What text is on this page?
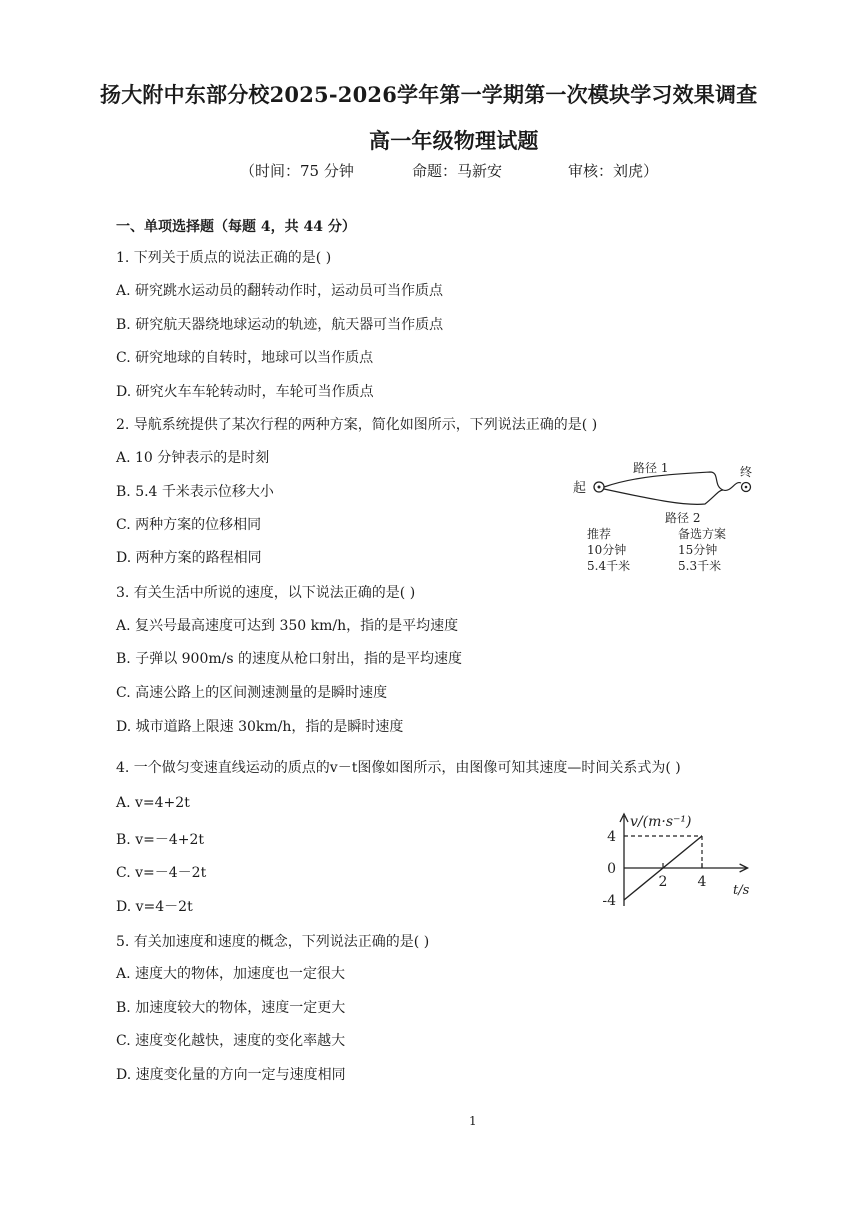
扬大附中东部分校2025-2026学年第一学期第一次模块学习效果调查
高一年级物理试题
（时间：75 分钟	命题：马新安	审核：刘虎）
一、单项选择题（每题 4，共 44 分）
1. 下列关于质点的说法正确的是( )
A. 研究跳水运动员的翻转动作时，运动员可当作质点
B. 研究航天器绕地球运动的轨迹，航天器可当作质点
C. 研究地球的自转时，地球可以当作质点
D. 研究火车车轮转动时，车轮可当作质点
2. 导航系统提供了某次行程的两种方案，简化如图所示，下列说法正确的是( )
A. 10 分钟表示的是时刻
B. 5.4 千米表示位移大小
C. 两种方案的位移相同
D. 两种方案的路程相同
起
终
路径 1
路径 2
推荐
10分钟
5.4千米
备选方案
15分钟
5.3千米
3. 有关生活中所说的速度，以下说法正确的是( )
A. 复兴号最高速度可达到 350 km/h，指的是平均速度
B. 子弹以 900m/s 的速度从枪口射出，指的是平均速度
C. 高速公路上的区间测速测量的是瞬时速度
D. 城市道路上限速 30km/h，指的是瞬时速度
4. 一个做匀变速直线运动的质点的v－t图像如图所示，由图像可知其速度—时间关系式为( )
A. v=4+2t
B. v=－4+2t
C. v=－4－2t
D. v=4－2t
v/(m·s⁻¹)
t/s
4
0
-4
2 4
5. 有关加速度和速度的概念，下列说法正确的是( )
A. 速度大的物体，加速度也一定很大
B. 加速度较大的物体，速度一定更大
C. 速度变化越快，速度的变化率越大
D. 速度变化量的方向一定与速度相同
1
